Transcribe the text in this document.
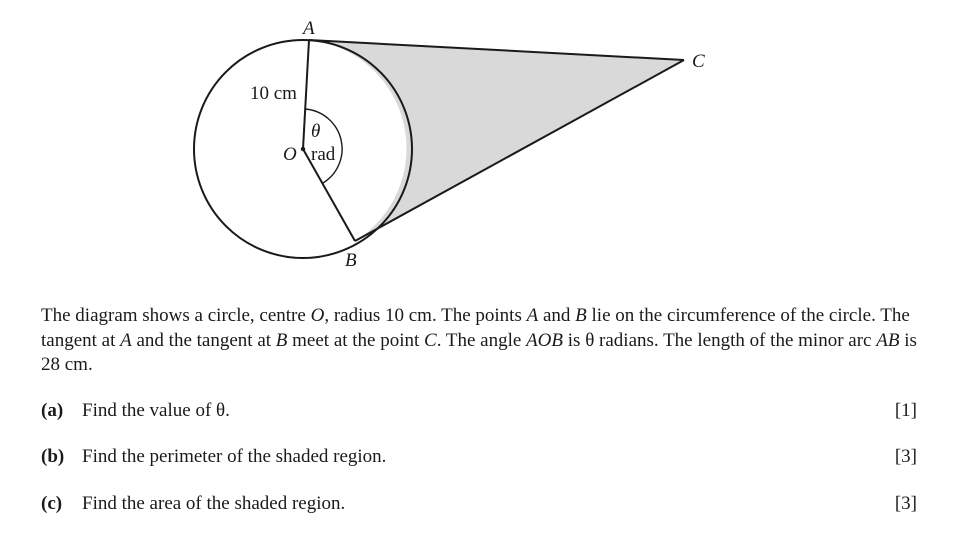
A
C
B
O
10 cm
θ
rad

The diagram shows a circle, centre O, radius 10 cm. The points A and B lie on the circumference of the circle. The tangent at A and the tangent at B meet at the point C. The angle AOB is θ radians. The length of the minor arc AB is 28 cm.

(a) Find the value of θ.	[1]
(b) Find the perimeter of the shaded region.	[3]
(c) Find the area of the shaded region.	[3]
